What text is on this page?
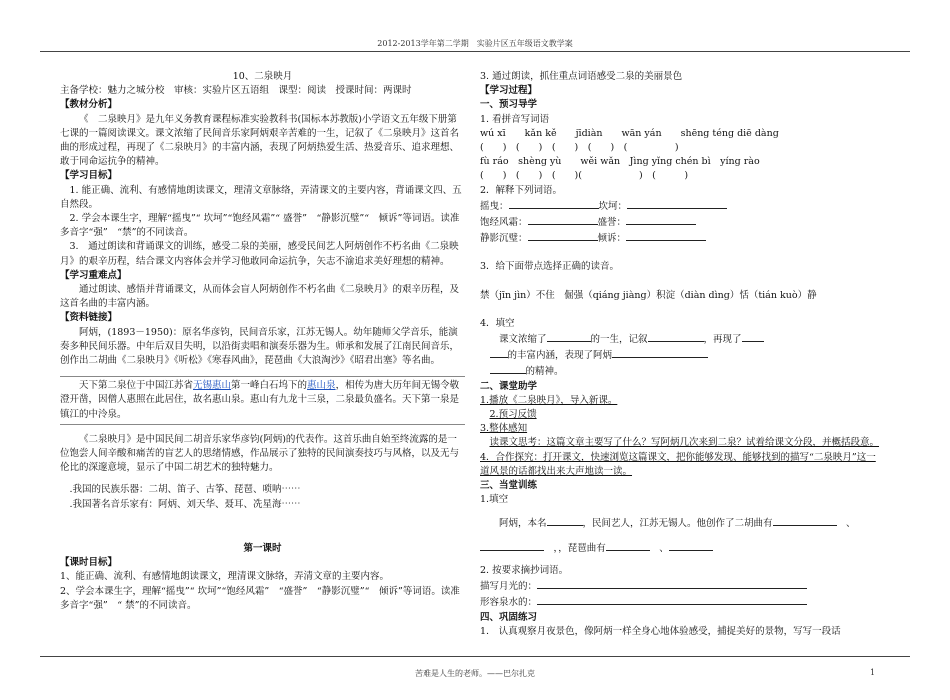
2012-2013学年第二学期　实验片区五年级语文教学案

10、二泉映月

主备学校：魅力之城分校　审核：实验片区五语组　课型：阅读　授课时间：两课时

【教材分析】

《　二泉映月》是九年义务教育课程标准实验教科书(国标本苏教版)小学语文五年级下册第七课的一篇阅读课文。课文浓缩了民间音乐家阿炳艰辛苦难的一生，记叙了《二泉映月》这首名曲的形成过程，再现了《二泉映月》的丰富内涵，表现了阿炳热爱生活、热爱音乐、追求理想、敢于同命运抗争的精神。

【学习目标】

1. 能正确、流利、有感情地朗读课文，理清文章脉络，弄清课文的主要内容，背诵课文四、五自然段。

2. 学会本课生字，理解“摇曳”“ 坎坷”“饱经风霜”“ 盛誉”　“静影沉璧”“　倾诉”等词语。读准多音字“强”　“禁”的不同读音。

3.　通过朗读和背诵课文的训练，感受二泉的美丽，感受民间艺人阿炳创作不朽名曲《二泉映月》的艰辛历程，结合课文内容体会并学习他敢同命运抗争，矢志不渝追求美好理想的精神。

【学习重难点】

通过朗读、感悟并背诵课文，从而体会盲人阿炳创作不朽名曲《二泉映月》的艰辛历程，及这首名曲的丰富内涵。

【资料链接】

阿炳，(1893－1950)：原名华彦钧，民间音乐家，江苏无锡人。幼年随师父学音乐，能演奏多种民间乐器。中年后双目失明，以沿街卖唱和演奏乐器为生。师承和发展了江南民间音乐，创作出二胡曲《二泉映月》《听松》《寒春风曲》，琵琶曲《大浪淘沙》《昭君出塞》等名曲。

天下第二泉位于中国江苏省无锡惠山第一峰白石坞下的惠山泉，相传为唐大历年间无锡令敬澄开凿，因僧人惠照在此居住，故名惠山泉。惠山有九龙十三泉，二泉最负盛名。天下第一泉是镇江的中泠泉。

《二泉映月》是中国民间二胡音乐家华彦钧(阿炳)的代表作。这首乐曲自始至终流露的是一位饱尝人间辛酸和痛苦的盲艺人的思绪情感，作品展示了独特的民间演奏技巧与风格，以及无与伦比的深邃意境，显示了中国二胡艺术的独特魅力。

.我国的民族乐器：二胡、笛子、古筝、琵琶、唢呐⋯⋯

.我国著名音乐家有：阿炳、刘天华、聂耳、冼星海⋯⋯

第一课时

【课时目标】

1、能正确、流利、有感情地朗读课文，理清课文脉络，弄清文章的主要内容。

2、学会本课生字，理解“摇曳”“ 坎坷”“饱经风霜”　“盛誉”　“静影沉璧”“　倾诉”等词语。读准多音字“强”　“ 禁”的不同读音。

3. 通过朗读，抓住重点词语感受二泉的美丽景色

【学习过程】

一、预习导学

1. 看拼音写词语

wú xī　　kǎn kě　　jīdiàn　　wān yán　　shēng téng diē dàng

(　　)　(　　)　(　　)　(　　)　(　　　　　)

fù ráo　shèng yù　　wěi wǎn　Jìng yǐng chén bì　yíng rào

(　　)　(　　)　(　　)(　　　　　　)　(　　　)

2．解释下列词语。

摇曳：	坎坷：

饱经风霜：	盛誉：

静影沉璧：	倾诉：

3．给下面带点选择正确的读音。

禁（jīn jìn）不住　倔强（qiáng jiàng）积淀（diàn dìng）恬（tián kuò）静

4．填空

课文浓缩了	的一生，记叙	，再现了

的丰富内涵，表现了阿炳

的精神。

二、课堂助学

1.播放《二泉映月》，导入新课。

2.预习反馈

3.整体感知

读课文思考：这篇文章主要写了什么？写阿炳几次来到二泉？试着给课文分段，并概括段意。

4．合作探究：打开课文，快速浏览这篇课文，把你能够发现、能够找到的描写“二泉映月”这一道风景的话都找出来大声地读一读。

三、当堂训练

1.填空

阿炳，本名	，民间艺人，江苏无锡人。他创作了二胡曲有	　、

　，，琵琶曲有	　、

2. 按要求摘抄词语。

描写月光的：

形容泉水的：

四、巩固练习

1.　认真观察月夜景色，像阿炳一样全身心地体验感受，捕捉美好的景物，写写一段话

苦难是人生的老师。——巴尔扎克	1
